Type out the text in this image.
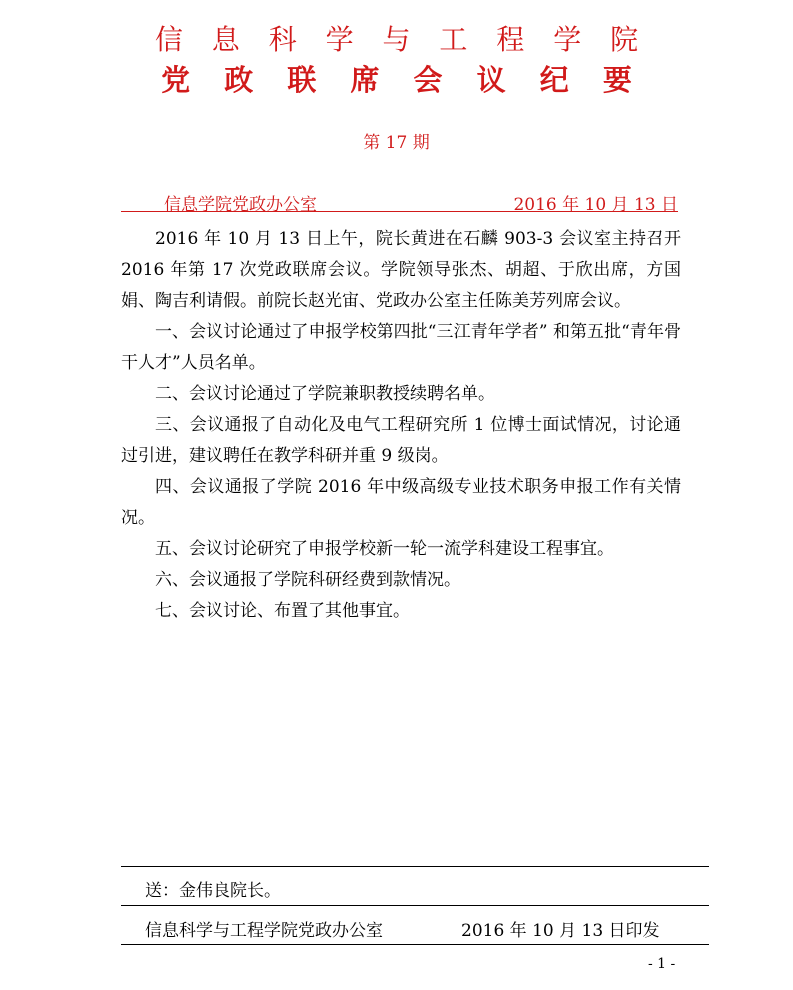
信 息 科 学 与 工 程 学 院
党 政 联 席 会 议 纪 要
第 17 期
信息学院党政办公室	2016 年 10 月 13 日

2016 年 10 月 13 日上午，院长黄进在石麟 903-3 会议室主持召开 2016 年第 17 次党政联席会议。学院领导张杰、胡超、于欣出席，方国娟、陶吉利请假。前院长赵光宙、党政办公室主任陈美芳列席会议。

一、会议讨论通过了申报学校第四批“三江青年学者” 和第五批“青年骨干人才”人员名单。

二、会议讨论通过了学院兼职教授续聘名单。

三、会议通报了自动化及电气工程研究所 1 位博士面试情况，讨论通过引进，建议聘任在教学科研并重 9 级岗。

四、会议通报了学院 2016 年中级高级专业技术职务申报工作有关情况。

五、会议讨论研究了申报学校新一轮一流学科建设工程事宜。

六、会议通报了学院科研经费到款情况。

七、会议讨论、布置了其他事宜。

送：金伟良院长。
信息科学与工程学院党政办公室	2016 年 10 月 13 日印发
- 1 -
